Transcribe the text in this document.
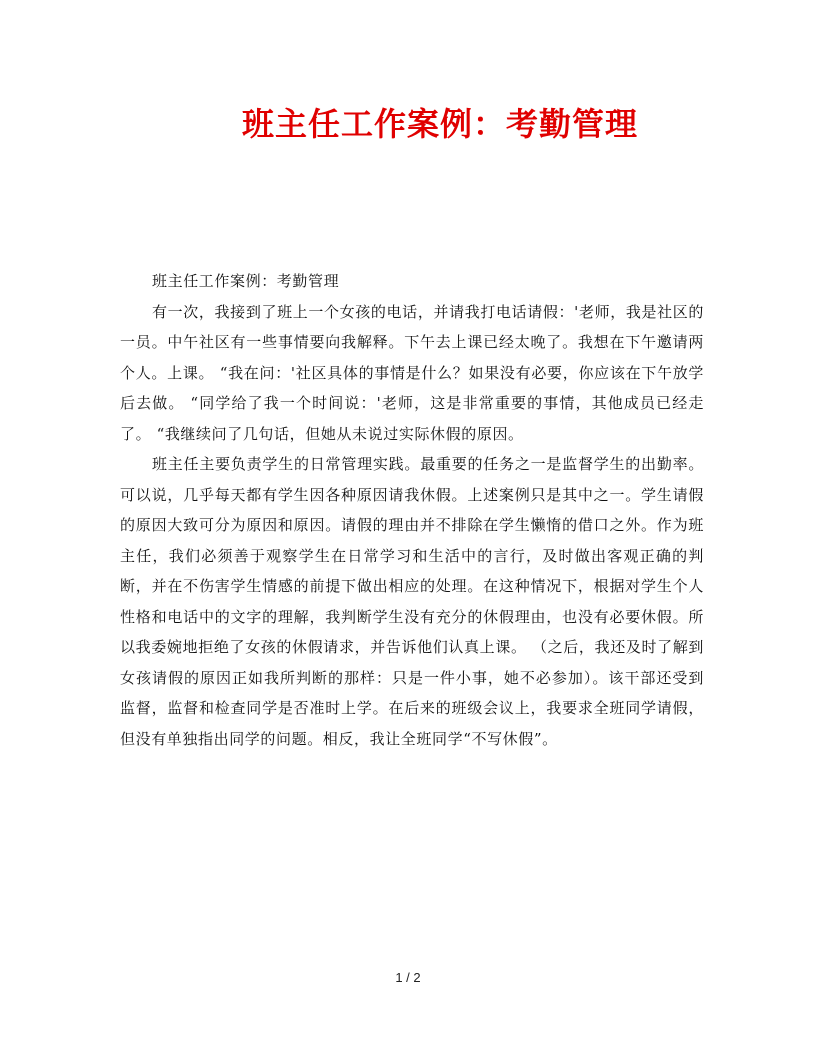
班主任工作案例：考勤管理

班主任工作案例：考勤管理

有一次，我接到了班上一个女孩的电话，并请我打电话请假：'老师，我是社区的一员。中午社区有一些事情要向我解释。下午去上课已经太晚了。我想在下午邀请两个人。上课。 “我在问：'社区具体的事情是什么？如果没有必要，你应该在下午放学后去做。 “同学给了我一个时间说：'老师，这是非常重要的事情，其他成员已经走了。 “我继续问了几句话，但她从未说过实际休假的原因。

班主任主要负责学生的日常管理实践。最重要的任务之一是监督学生的出勤率。可以说，几乎每天都有学生因各种原因请我休假。上述案例只是其中之一。学生请假的原因大致可分为原因和原因。请假的理由并不排除在学生懒惰的借口之外。作为班主任，我们必须善于观察学生在日常学习和生活中的言行，及时做出客观正确的判断，并在不伤害学生情感的前提下做出相应的处理。在这种情况下，根据对学生个人性格和电话中的文字的理解，我判断学生没有充分的休假理由，也没有必要休假。所以我委婉地拒绝了女孩的休假请求，并告诉他们认真上课。 （之后，我还及时了解到女孩请假的原因正如我所判断的那样：只是一件小事，她不必参加）。该干部还受到监督，监督和检查同学是否准时上学。在后来的班级会议上，我要求全班同学请假，但没有单独指出同学的问题。相反，我让全班同学“不写休假”。

1 / 2
